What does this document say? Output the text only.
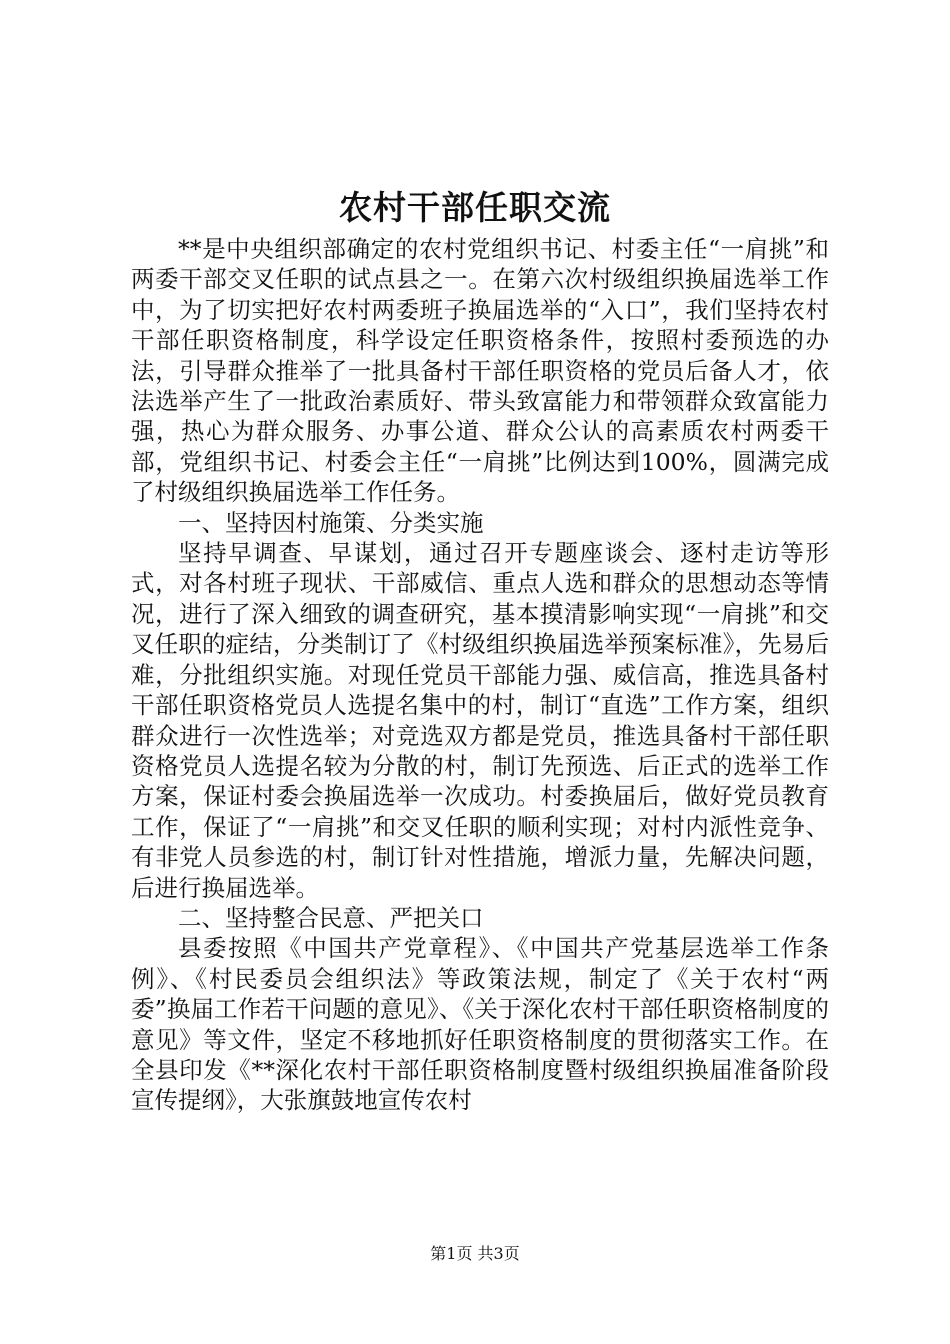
农村干部任职交流

**是中央组织部确定的农村党组织书记、村委主任“一肩挑”和两委干部交叉任职的试点县之一。在第六次村级组织换届选举工作中，为了切实把好农村两委班子换届选举的“入口”，我们坚持农村干部任职资格制度，科学设定任职资格条件，按照村委预选的办法，引导群众推举了一批具备村干部任职资格的党员后备人才，依法选举产生了一批政治素质好、带头致富能力和带领群众致富能力强，热心为群众服务、办事公道、群众公认的高素质农村两委干部，党组织书记、村委会主任“一肩挑”比例达到100%，圆满完成了村级组织换届选举工作任务。

一、坚持因村施策、分类实施

坚持早调查、早谋划，通过召开专题座谈会、逐村走访等形式，对各村班子现状、干部威信、重点人选和群众的思想动态等情况，进行了深入细致的调查研究，基本摸清影响实现“一肩挑”和交叉任职的症结，分类制订了《村级组织换届选举预案标准》，先易后难，分批组织实施。对现任党员干部能力强、威信高，推选具备村干部任职资格党员人选提名集中的村，制订“直选”工作方案，组织群众进行一次性选举；对竞选双方都是党员，推选具备村干部任职资格党员人选提名较为分散的村，制订先预选、后正式的选举工作方案，保证村委会换届选举一次成功。村委换届后，做好党员教育工作，保证了“一肩挑”和交叉任职的顺利实现；对村内派性竞争、有非党人员参选的村，制订针对性措施，增派力量，先解决问题，后进行换届选举。

二、坚持整合民意、严把关口

县委按照《中国共产党章程》、《中国共产党基层选举工作条例》、《村民委员会组织法》等政策法规，制定了《关于农村“两委”换届工作若干问题的意见》、《关于深化农村干部任职资格制度的意见》等文件，坚定不移地抓好任职资格制度的贯彻落实工作。在全县印发《**深化农村干部任职资格制度暨村级组织换届准备阶段宣传提纲》，大张旗鼓地宣传农村

第1页 共3页
